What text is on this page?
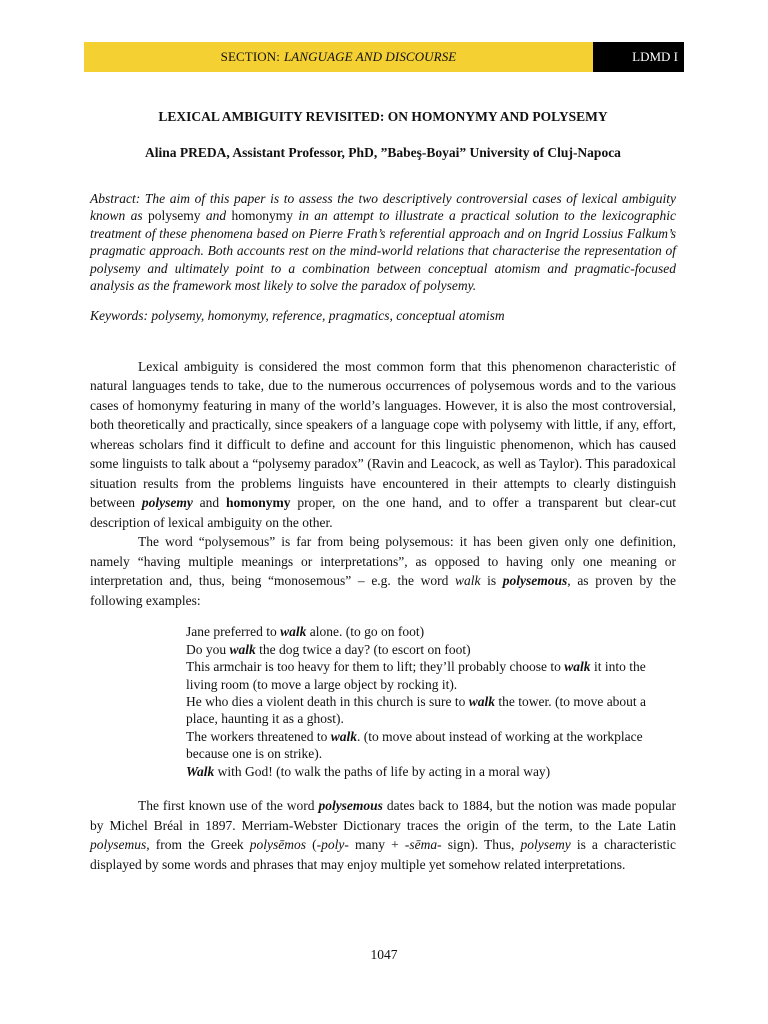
SECTION: LANGUAGE AND DISCOURSE	LDMD I
LEXICAL AMBIGUITY REVISITED: ON HOMONYMY AND POLYSEMY

Alina PREDA, Assistant Professor, PhD, ”Babeş-Boyai” University of Cluj-Napoca

Abstract: The aim of this paper is to assess the two descriptively controversial cases of lexical ambiguity known as polysemy and homonymy in an attempt to illustrate a practical solution to the lexicographic treatment of these phenomena based on Pierre Frath’s referential approach and on Ingrid Lossius Falkum’s pragmatic approach. Both accounts rest on the mind-world relations that characterise the representation of polysemy and ultimately point to a combination between conceptual atomism and pragmatic-focused analysis as the framework most likely to solve the paradox of polysemy.

Keywords: polysemy, homonymy, reference, pragmatics, conceptual atomism

Lexical ambiguity is considered the most common form that this phenomenon characteristic of natural languages tends to take, due to the numerous occurrences of polysemous words and to the various cases of homonymy featuring in many of the world’s languages. However, it is also the most controversial, both theoretically and practically, since speakers of a language cope with polysemy with little, if any, effort, whereas scholars find it difficult to define and account for this linguistic phenomenon, which has caused some linguists to talk about a “polysemy paradox” (Ravin and Leacock, as well as Taylor). This paradoxical situation results from the problems linguists have encountered in their attempts to clearly distinguish between polysemy and homonymy proper, on the one hand, and to offer a transparent but clear-cut description of lexical ambiguity on the other.

The word “polysemous” is far from being polysemous: it has been given only one definition, namely “having multiple meanings or interpretations”, as opposed to having only one meaning or interpretation and, thus, being “monosemous” – e.g. the word walk is polysemous, as proven by the following examples:

Jane preferred to walk alone. (to go on foot)
Do you walk the dog twice a day? (to escort on foot)
This armchair is too heavy for them to lift; they’ll probably choose to walk it into the living room (to move a large object by rocking it).
He who dies a violent death in this church is sure to walk the tower. (to move about a place, haunting it as a ghost).
The workers threatened to walk. (to move about instead of working at the workplace because one is on strike).
Walk with God! (to walk the paths of life by acting in a moral way)

The first known use of the word polysemous dates back to 1884, but the notion was made popular by Michel Bréal in 1897. Merriam-Webster Dictionary traces the origin of the term, to the Late Latin polysemus, from the Greek polysēmos (-poly- many + -sēma- sign). Thus, polysemy is a characteristic displayed by some words and phrases that may enjoy multiple yet somehow related interpretations.

1047
